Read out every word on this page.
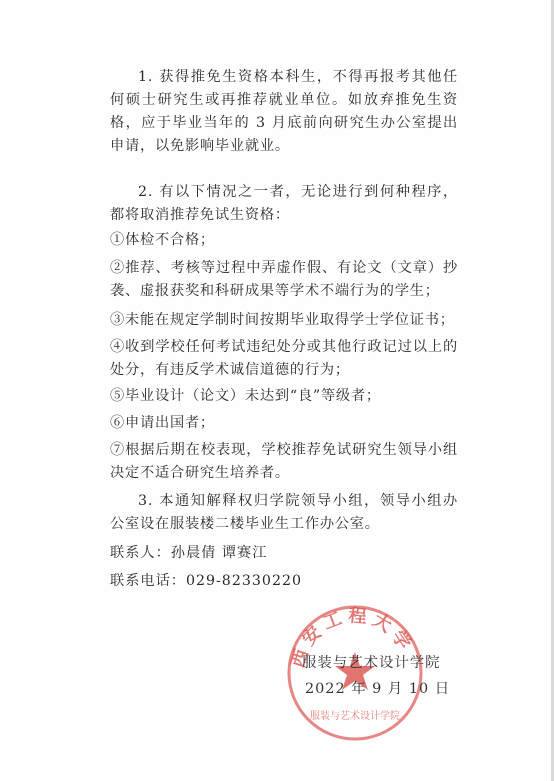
1. 获得推免生资格本科生，不得再报考其他任何硕士研究生或再推荐就业单位。如放弃推免生资格，应于毕业当年的 3 月底前向研究生办公室提出申请，以免影响毕业就业。

2. 有以下情况之一者，无论进行到何种程序，都将取消推荐免试生资格：

①体检不合格；

②推荐、考核等过程中弄虚作假、有论文（文章）抄袭、虚报获奖和科研成果等学术不端行为的学生；

③未能在规定学制时间按期毕业取得学士学位证书；

④收到学校任何考试违纪处分或其他行政记过以上的处分，有违反学术诚信道德的行为；

⑤毕业设计（论文）未达到“良”等级者；

⑥申请出国者；

⑦根据后期在校表现，学校推荐免试研究生领导小组决定不适合研究生培养者。

3. 本通知解释权归学院领导小组，领导小组办公室设在服装楼二楼毕业生工作办公室。

联系人：孙晨倩 谭赛江
联系电话：029-82330220
西安工程大学
服装与艺术设计学院
服装与艺术设计学院
2022 年 9 月 10 日
